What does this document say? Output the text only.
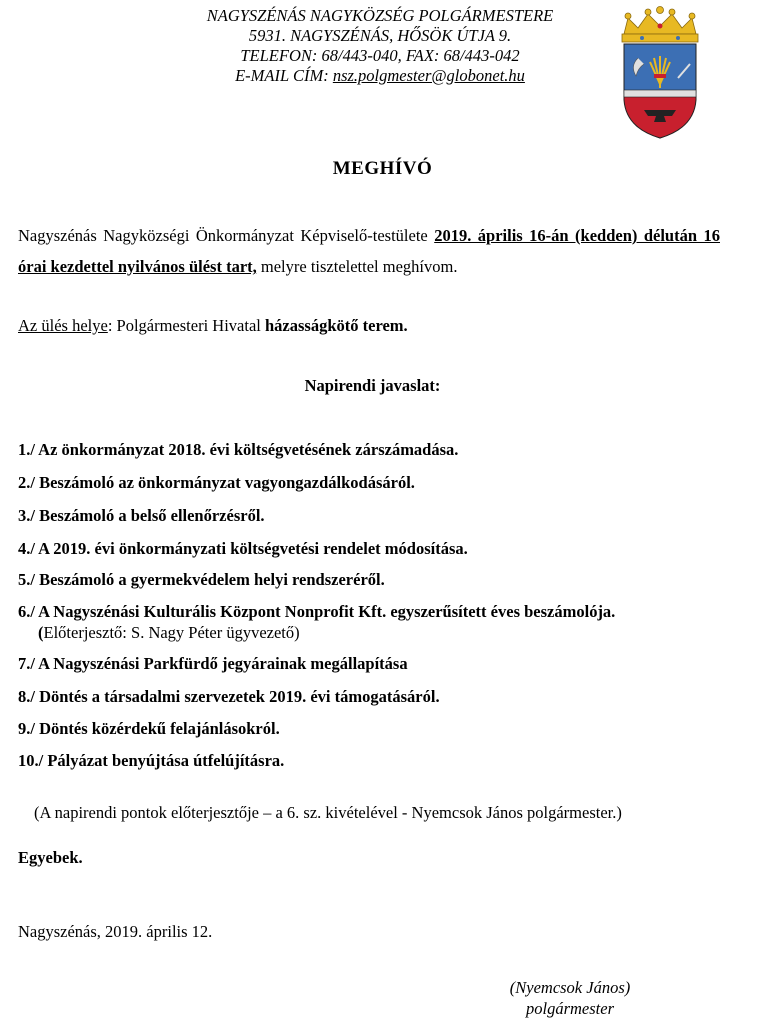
NAGYSZÉNÁS NAGYKÖZSÉG POLGÁRMESTERE
5931. NAGYSZÉNÁS, HŐSÖK ÚTJA 9.
TELEFON: 68/443-040, FAX: 68/443-042
E-MAIL CÍM: nsz.polgmester@globonet.hu
MEGHÍVÓ
Nagyszénás Nagyközségi Önkormányzat Képviselő-testülete 2019. április 16-án (kedden) délután 16 órai kezdettel nyilvános ülést tart, melyre tisztelettel meghívom.
Az ülés helye: Polgármesteri Hivatal házasságkötő terem.
Napirendi javaslat:
1./ Az önkormányzat 2018. évi költségvetésének zárszámadása.
2./ Beszámoló az önkormányzat vagyongazdálkodásáról.
3./ Beszámoló a belső ellenőrzésről.
4./ A 2019. évi önkormányzati költségvetési rendelet módosítása.
5./ Beszámoló a gyermekvédelem helyi rendszeréről.
6./ A Nagyszénási Kulturális Központ Nonprofit Kft. egyszerűsített éves beszámolója.
(Előterjesztő: S. Nagy Péter ügyvezető)
7./ A Nagyszénási Parkfürdő jegyárainak megállapítása
8./ Döntés a társadalmi szervezetek 2019. évi támogatásáról.
9./ Döntés közérdekű felajánlásokról.
10./ Pályázat benyújtása útfelújításra.
(A napirendi pontok előterjesztője – a 6. sz. kivételével - Nyemcsok János polgármester.)
Egyebek.
Nagyszénás, 2019. április 12.
(Nyemcsok János)
polgármester
